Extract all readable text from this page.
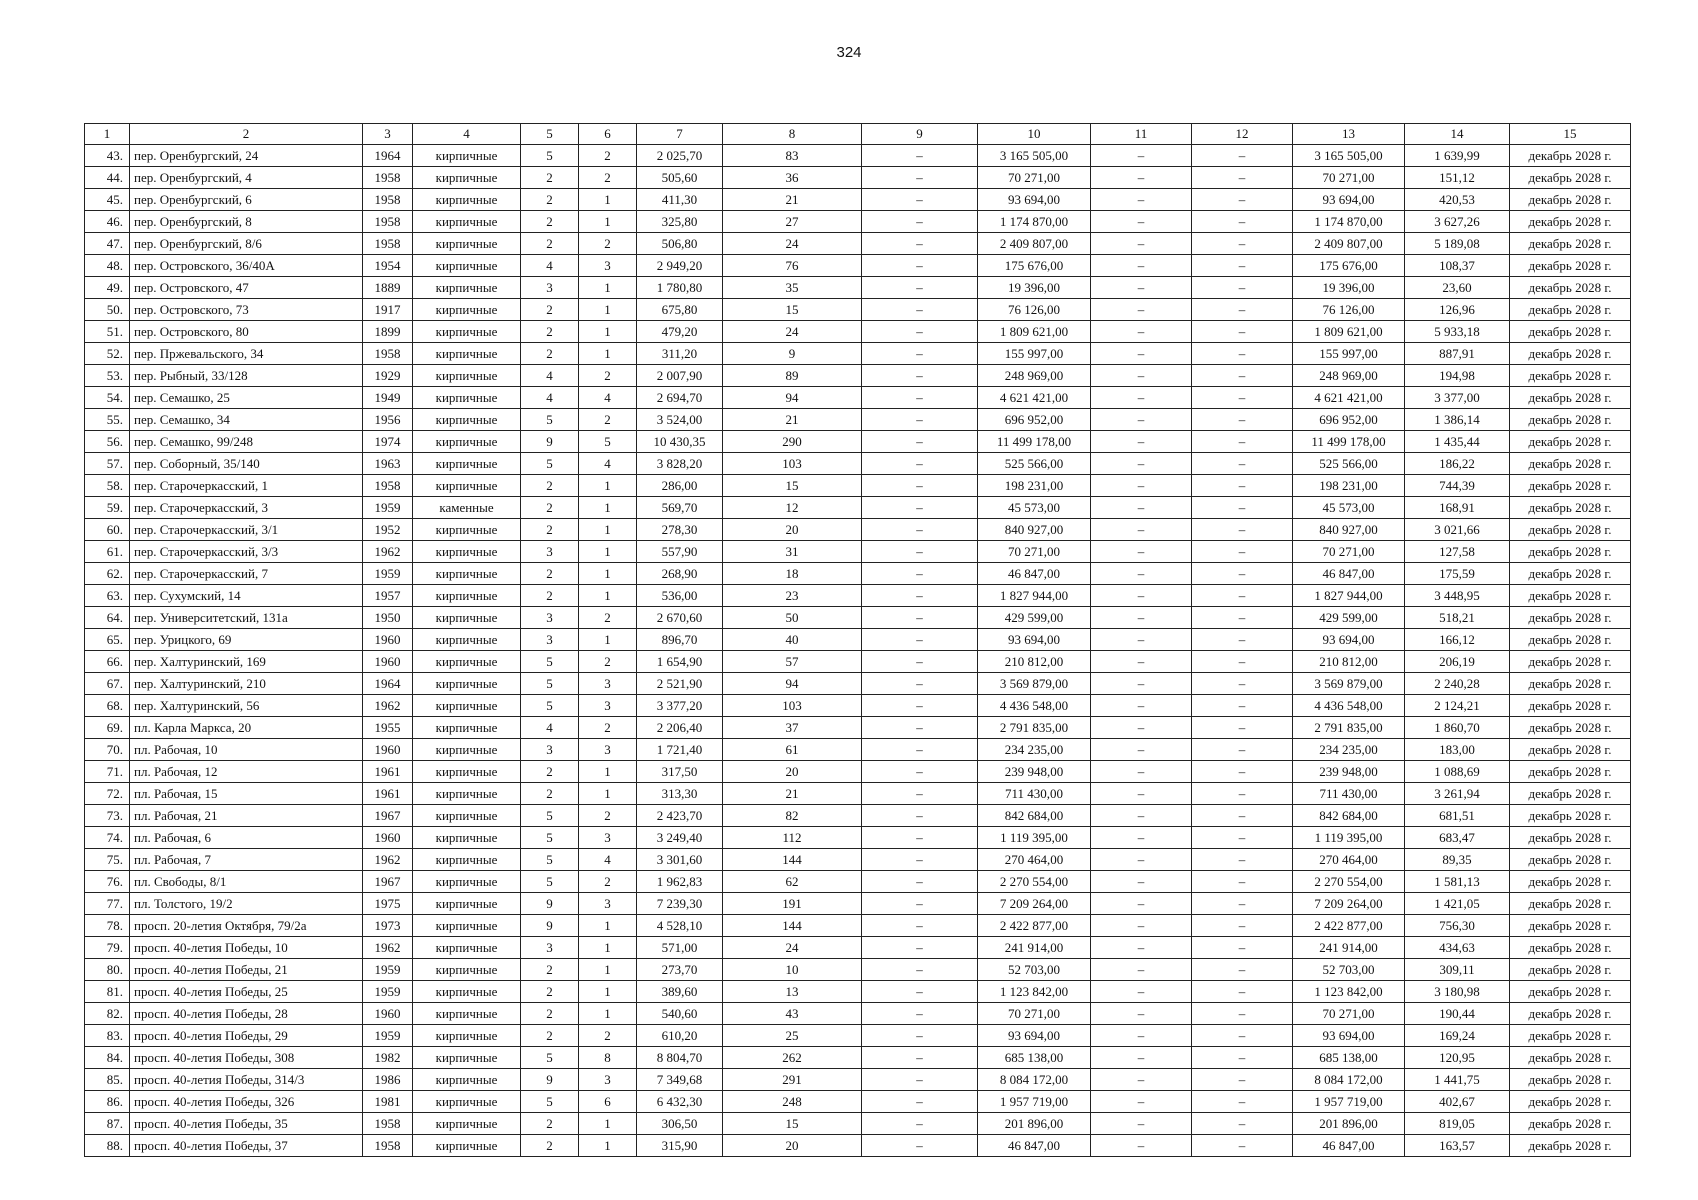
324
1	2	3	4	5	6	7	8	9	10	11	12	13	14	15
43.	пер. Оренбургский, 24	1964	кирпичные	5	2	2 025,70	83	–	3 165 505,00	–	–	3 165 505,00	1 639,99	декабрь 2028 г.
44.	пер. Оренбургский, 4	1958	кирпичные	2	2	505,60	36	–	70 271,00	–	–	70 271,00	151,12	декабрь 2028 г.
45.	пер. Оренбургский, 6	1958	кирпичные	2	1	411,30	21	–	93 694,00	–	–	93 694,00	420,53	декабрь 2028 г.
46.	пер. Оренбургский, 8	1958	кирпичные	2	1	325,80	27	–	1 174 870,00	–	–	1 174 870,00	3 627,26	декабрь 2028 г.
47.	пер. Оренбургский, 8/6	1958	кирпичные	2	2	506,80	24	–	2 409 807,00	–	–	2 409 807,00	5 189,08	декабрь 2028 г.
48.	пер. Островского, 36/40А	1954	кирпичные	4	3	2 949,20	76	–	175 676,00	–	–	175 676,00	108,37	декабрь 2028 г.
49.	пер. Островского, 47	1889	кирпичные	3	1	1 780,80	35	–	19 396,00	–	–	19 396,00	23,60	декабрь 2028 г.
50.	пер. Островского, 73	1917	кирпичные	2	1	675,80	15	–	76 126,00	–	–	76 126,00	126,96	декабрь 2028 г.
51.	пер. Островского, 80	1899	кирпичные	2	1	479,20	24	–	1 809 621,00	–	–	1 809 621,00	5 933,18	декабрь 2028 г.
52.	пер. Пржевальского, 34	1958	кирпичные	2	1	311,20	9	–	155 997,00	–	–	155 997,00	887,91	декабрь 2028 г.
53.	пер. Рыбный, 33/128	1929	кирпичные	4	2	2 007,90	89	–	248 969,00	–	–	248 969,00	194,98	декабрь 2028 г.
54.	пер. Семашко, 25	1949	кирпичные	4	4	2 694,70	94	–	4 621 421,00	–	–	4 621 421,00	3 377,00	декабрь 2028 г.
55.	пер. Семашко, 34	1956	кирпичные	5	2	3 524,00	21	–	696 952,00	–	–	696 952,00	1 386,14	декабрь 2028 г.
56.	пер. Семашко, 99/248	1974	кирпичные	9	5	10 430,35	290	–	11 499 178,00	–	–	11 499 178,00	1 435,44	декабрь 2028 г.
57.	пер. Соборный, 35/140	1963	кирпичные	5	4	3 828,20	103	–	525 566,00	–	–	525 566,00	186,22	декабрь 2028 г.
58.	пер. Старочеркасский, 1	1958	кирпичные	2	1	286,00	15	–	198 231,00	–	–	198 231,00	744,39	декабрь 2028 г.
59.	пер. Старочеркасский, 3	1959	каменные	2	1	569,70	12	–	45 573,00	–	–	45 573,00	168,91	декабрь 2028 г.
60.	пер. Старочеркасский, 3/1	1952	кирпичные	2	1	278,30	20	–	840 927,00	–	–	840 927,00	3 021,66	декабрь 2028 г.
61.	пер. Старочеркасский, 3/3	1962	кирпичные	3	1	557,90	31	–	70 271,00	–	–	70 271,00	127,58	декабрь 2028 г.
62.	пер. Старочеркасский, 7	1959	кирпичные	2	1	268,90	18	–	46 847,00	–	–	46 847,00	175,59	декабрь 2028 г.
63.	пер. Сухумский, 14	1957	кирпичные	2	1	536,00	23	–	1 827 944,00	–	–	1 827 944,00	3 448,95	декабрь 2028 г.
64.	пер. Университетский, 131а	1950	кирпичные	3	2	2 670,60	50	–	429 599,00	–	–	429 599,00	518,21	декабрь 2028 г.
65.	пер. Урицкого, 69	1960	кирпичные	3	1	896,70	40	–	93 694,00	–	–	93 694,00	166,12	декабрь 2028 г.
66.	пер. Халтуринский, 169	1960	кирпичные	5	2	1 654,90	57	–	210 812,00	–	–	210 812,00	206,19	декабрь 2028 г.
67.	пер. Халтуринский, 210	1964	кирпичные	5	3	2 521,90	94	–	3 569 879,00	–	–	3 569 879,00	2 240,28	декабрь 2028 г.
68.	пер. Халтуринский, 56	1962	кирпичные	5	3	3 377,20	103	–	4 436 548,00	–	–	4 436 548,00	2 124,21	декабрь 2028 г.
69.	пл. Карла Маркса, 20	1955	кирпичные	4	2	2 206,40	37	–	2 791 835,00	–	–	2 791 835,00	1 860,70	декабрь 2028 г.
70.	пл. Рабочая, 10	1960	кирпичные	3	3	1 721,40	61	–	234 235,00	–	–	234 235,00	183,00	декабрь 2028 г.
71.	пл. Рабочая, 12	1961	кирпичные	2	1	317,50	20	–	239 948,00	–	–	239 948,00	1 088,69	декабрь 2028 г.
72.	пл. Рабочая, 15	1961	кирпичные	2	1	313,30	21	–	711 430,00	–	–	711 430,00	3 261,94	декабрь 2028 г.
73.	пл. Рабочая, 21	1967	кирпичные	5	2	2 423,70	82	–	842 684,00	–	–	842 684,00	681,51	декабрь 2028 г.
74.	пл. Рабочая, 6	1960	кирпичные	5	3	3 249,40	112	–	1 119 395,00	–	–	1 119 395,00	683,47	декабрь 2028 г.
75.	пл. Рабочая, 7	1962	кирпичные	5	4	3 301,60	144	–	270 464,00	–	–	270 464,00	89,35	декабрь 2028 г.
76.	пл. Свободы, 8/1	1967	кирпичные	5	2	1 962,83	62	–	2 270 554,00	–	–	2 270 554,00	1 581,13	декабрь 2028 г.
77.	пл. Толстого, 19/2	1975	кирпичные	9	3	7 239,30	191	–	7 209 264,00	–	–	7 209 264,00	1 421,05	декабрь 2028 г.
78.	просп. 20-летия Октября, 79/2а	1973	кирпичные	9	1	4 528,10	144	–	2 422 877,00	–	–	2 422 877,00	756,30	декабрь 2028 г.
79.	просп. 40-летия Победы, 10	1962	кирпичные	3	1	571,00	24	–	241 914,00	–	–	241 914,00	434,63	декабрь 2028 г.
80.	просп. 40-летия Победы, 21	1959	кирпичные	2	1	273,70	10	–	52 703,00	–	–	52 703,00	309,11	декабрь 2028 г.
81.	просп. 40-летия Победы, 25	1959	кирпичные	2	1	389,60	13	–	1 123 842,00	–	–	1 123 842,00	3 180,98	декабрь 2028 г.
82.	просп. 40-летия Победы, 28	1960	кирпичные	2	1	540,60	43	–	70 271,00	–	–	70 271,00	190,44	декабрь 2028 г.
83.	просп. 40-летия Победы, 29	1959	кирпичные	2	2	610,20	25	–	93 694,00	–	–	93 694,00	169,24	декабрь 2028 г.
84.	просп. 40-летия Победы, 308	1982	кирпичные	5	8	8 804,70	262	–	685 138,00	–	–	685 138,00	120,95	декабрь 2028 г.
85.	просп. 40-летия Победы, 314/3	1986	кирпичные	9	3	7 349,68	291	–	8 084 172,00	–	–	8 084 172,00	1 441,75	декабрь 2028 г.
86.	просп. 40-летия Победы, 326	1981	кирпичные	5	6	6 432,30	248	–	1 957 719,00	–	–	1 957 719,00	402,67	декабрь 2028 г.
87.	просп. 40-летия Победы, 35	1958	кирпичные	2	1	306,50	15	–	201 896,00	–	–	201 896,00	819,05	декабрь 2028 г.
88.	просп. 40-летия Победы, 37	1958	кирпичные	2	1	315,90	20	–	46 847,00	–	–	46 847,00	163,57	декабрь 2028 г.
